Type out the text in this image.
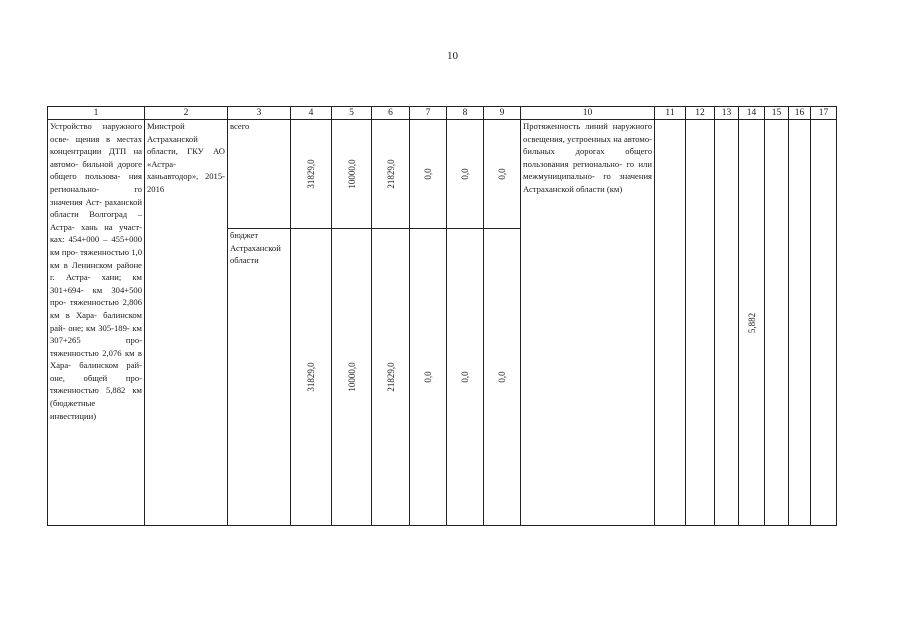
10
1	2	3	4	5	6	7	8	9	10	11	12	13	14	15	16	17
Устройство наружного осве- щения в местах концентрации ДТП на автомо- бильной дороге общего пользова- ния регионально- го значения Аст- раханской области Волгоград – Астра- хань на участ- ках: 454+000 – 455+000 км про- тяженностью 1,0 км в Ленинском районе г. Астра- хани; км 301+694- км 304+500 про- тяженностью 2,806 км в Хара- балинском рай- оне; км 305-189- км 307+265 про- тяженностью 2,076 км в Хара- балинском рай- оне, общей про- тяженностью 5,882 км (бюджетные инвестиции)	Минстрой Астраханской области, ГКУ АО «Астра- ханьавтодор», 2015-2016	всего	31829,0	10000,0	21829,0	0,0	0,0	0,0	Протяженность линий наружного освещения, устроенных на автомо- бильных дорогах общего пользования регионально- го или межмуниципально- го значения Астраханской области (км)				5,882			

		бюджет Астраханской области	31829,0	10000,0	21829,0	0,0	0,0	0,0								
